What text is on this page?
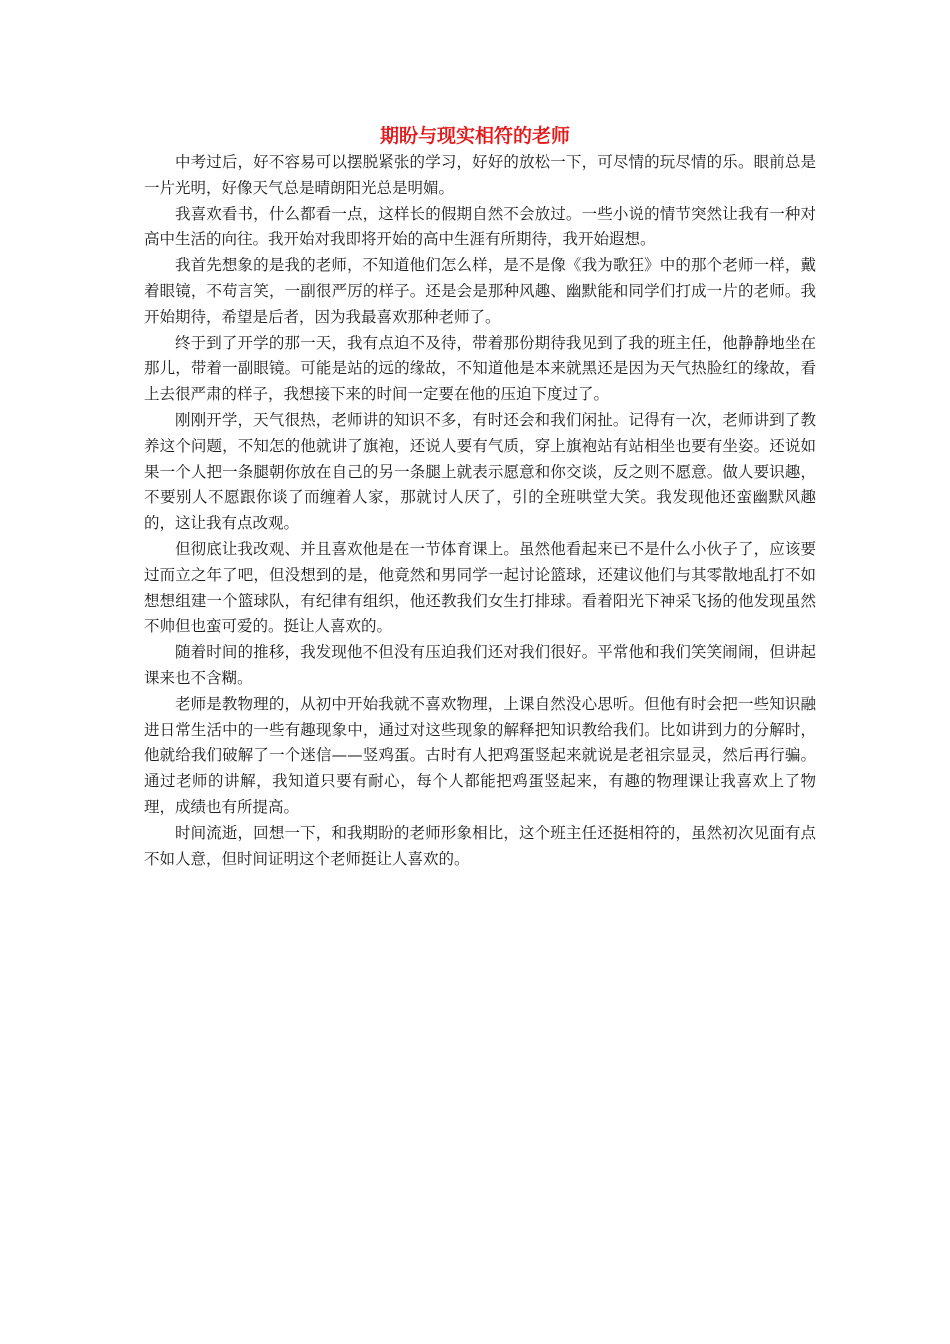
期盼与现实相符的老师

中考过后，好不容易可以摆脱紧张的学习，好好的放松一下，可尽情的玩尽情的乐。眼前总是一片光明，好像天气总是晴朗阳光总是明媚。

我喜欢看书，什么都看一点，这样长的假期自然不会放过。一些小说的情节突然让我有一种对高中生活的向往。我开始对我即将开始的高中生涯有所期待，我开始遐想。

我首先想象的是我的老师，不知道他们怎么样，是不是像《我为歌狂》中的那个老师一样，戴着眼镜，不苟言笑，一副很严厉的样子。还是会是那种风趣、幽默能和同学们打成一片的老师。我开始期待，希望是后者，因为我最喜欢那种老师了。

终于到了开学的那一天，我有点迫不及待，带着那份期待我见到了我的班主任，他静静地坐在那儿，带着一副眼镜。可能是站的远的缘故，不知道他是本来就黑还是因为天气热脸红的缘故，看上去很严肃的样子，我想接下来的时间一定要在他的压迫下度过了。

刚刚开学，天气很热，老师讲的知识不多，有时还会和我们闲扯。记得有一次，老师讲到了教养这个问题，不知怎的他就讲了旗袍，还说人要有气质，穿上旗袍站有站相坐也要有坐姿。还说如果一个人把一条腿朝你放在自己的另一条腿上就表示愿意和你交谈，反之则不愿意。做人要识趣，不要别人不愿跟你谈了而缠着人家，那就讨人厌了，引的全班哄堂大笑。我发现他还蛮幽默风趣的，这让我有点改观。

但彻底让我改观、并且喜欢他是在一节体育课上。虽然他看起来已不是什么小伙子了，应该要过而立之年了吧，但没想到的是，他竟然和男同学一起讨论篮球，还建议他们与其零散地乱打不如想想组建一个篮球队，有纪律有组织，他还教我们女生打排球。看着阳光下神采飞扬的他发现虽然不帅但也蛮可爱的。挺让人喜欢的。

随着时间的推移，我发现他不但没有压迫我们还对我们很好。平常他和我们笑笑闹闹，但讲起课来也不含糊。

老师是教物理的，从初中开始我就不喜欢物理，上课自然没心思听。但他有时会把一些知识融进日常生活中的一些有趣现象中，通过对这些现象的解释把知识教给我们。比如讲到力的分解时，他就给我们破解了一个迷信——竖鸡蛋。古时有人把鸡蛋竖起来就说是老祖宗显灵，然后再行骗。通过老师的讲解，我知道只要有耐心，每个人都能把鸡蛋竖起来，有趣的物理课让我喜欢上了物理，成绩也有所提高。

时间流逝，回想一下，和我期盼的老师形象相比，这个班主任还挺相符的，虽然初次见面有点不如人意，但时间证明这个老师挺让人喜欢的。
